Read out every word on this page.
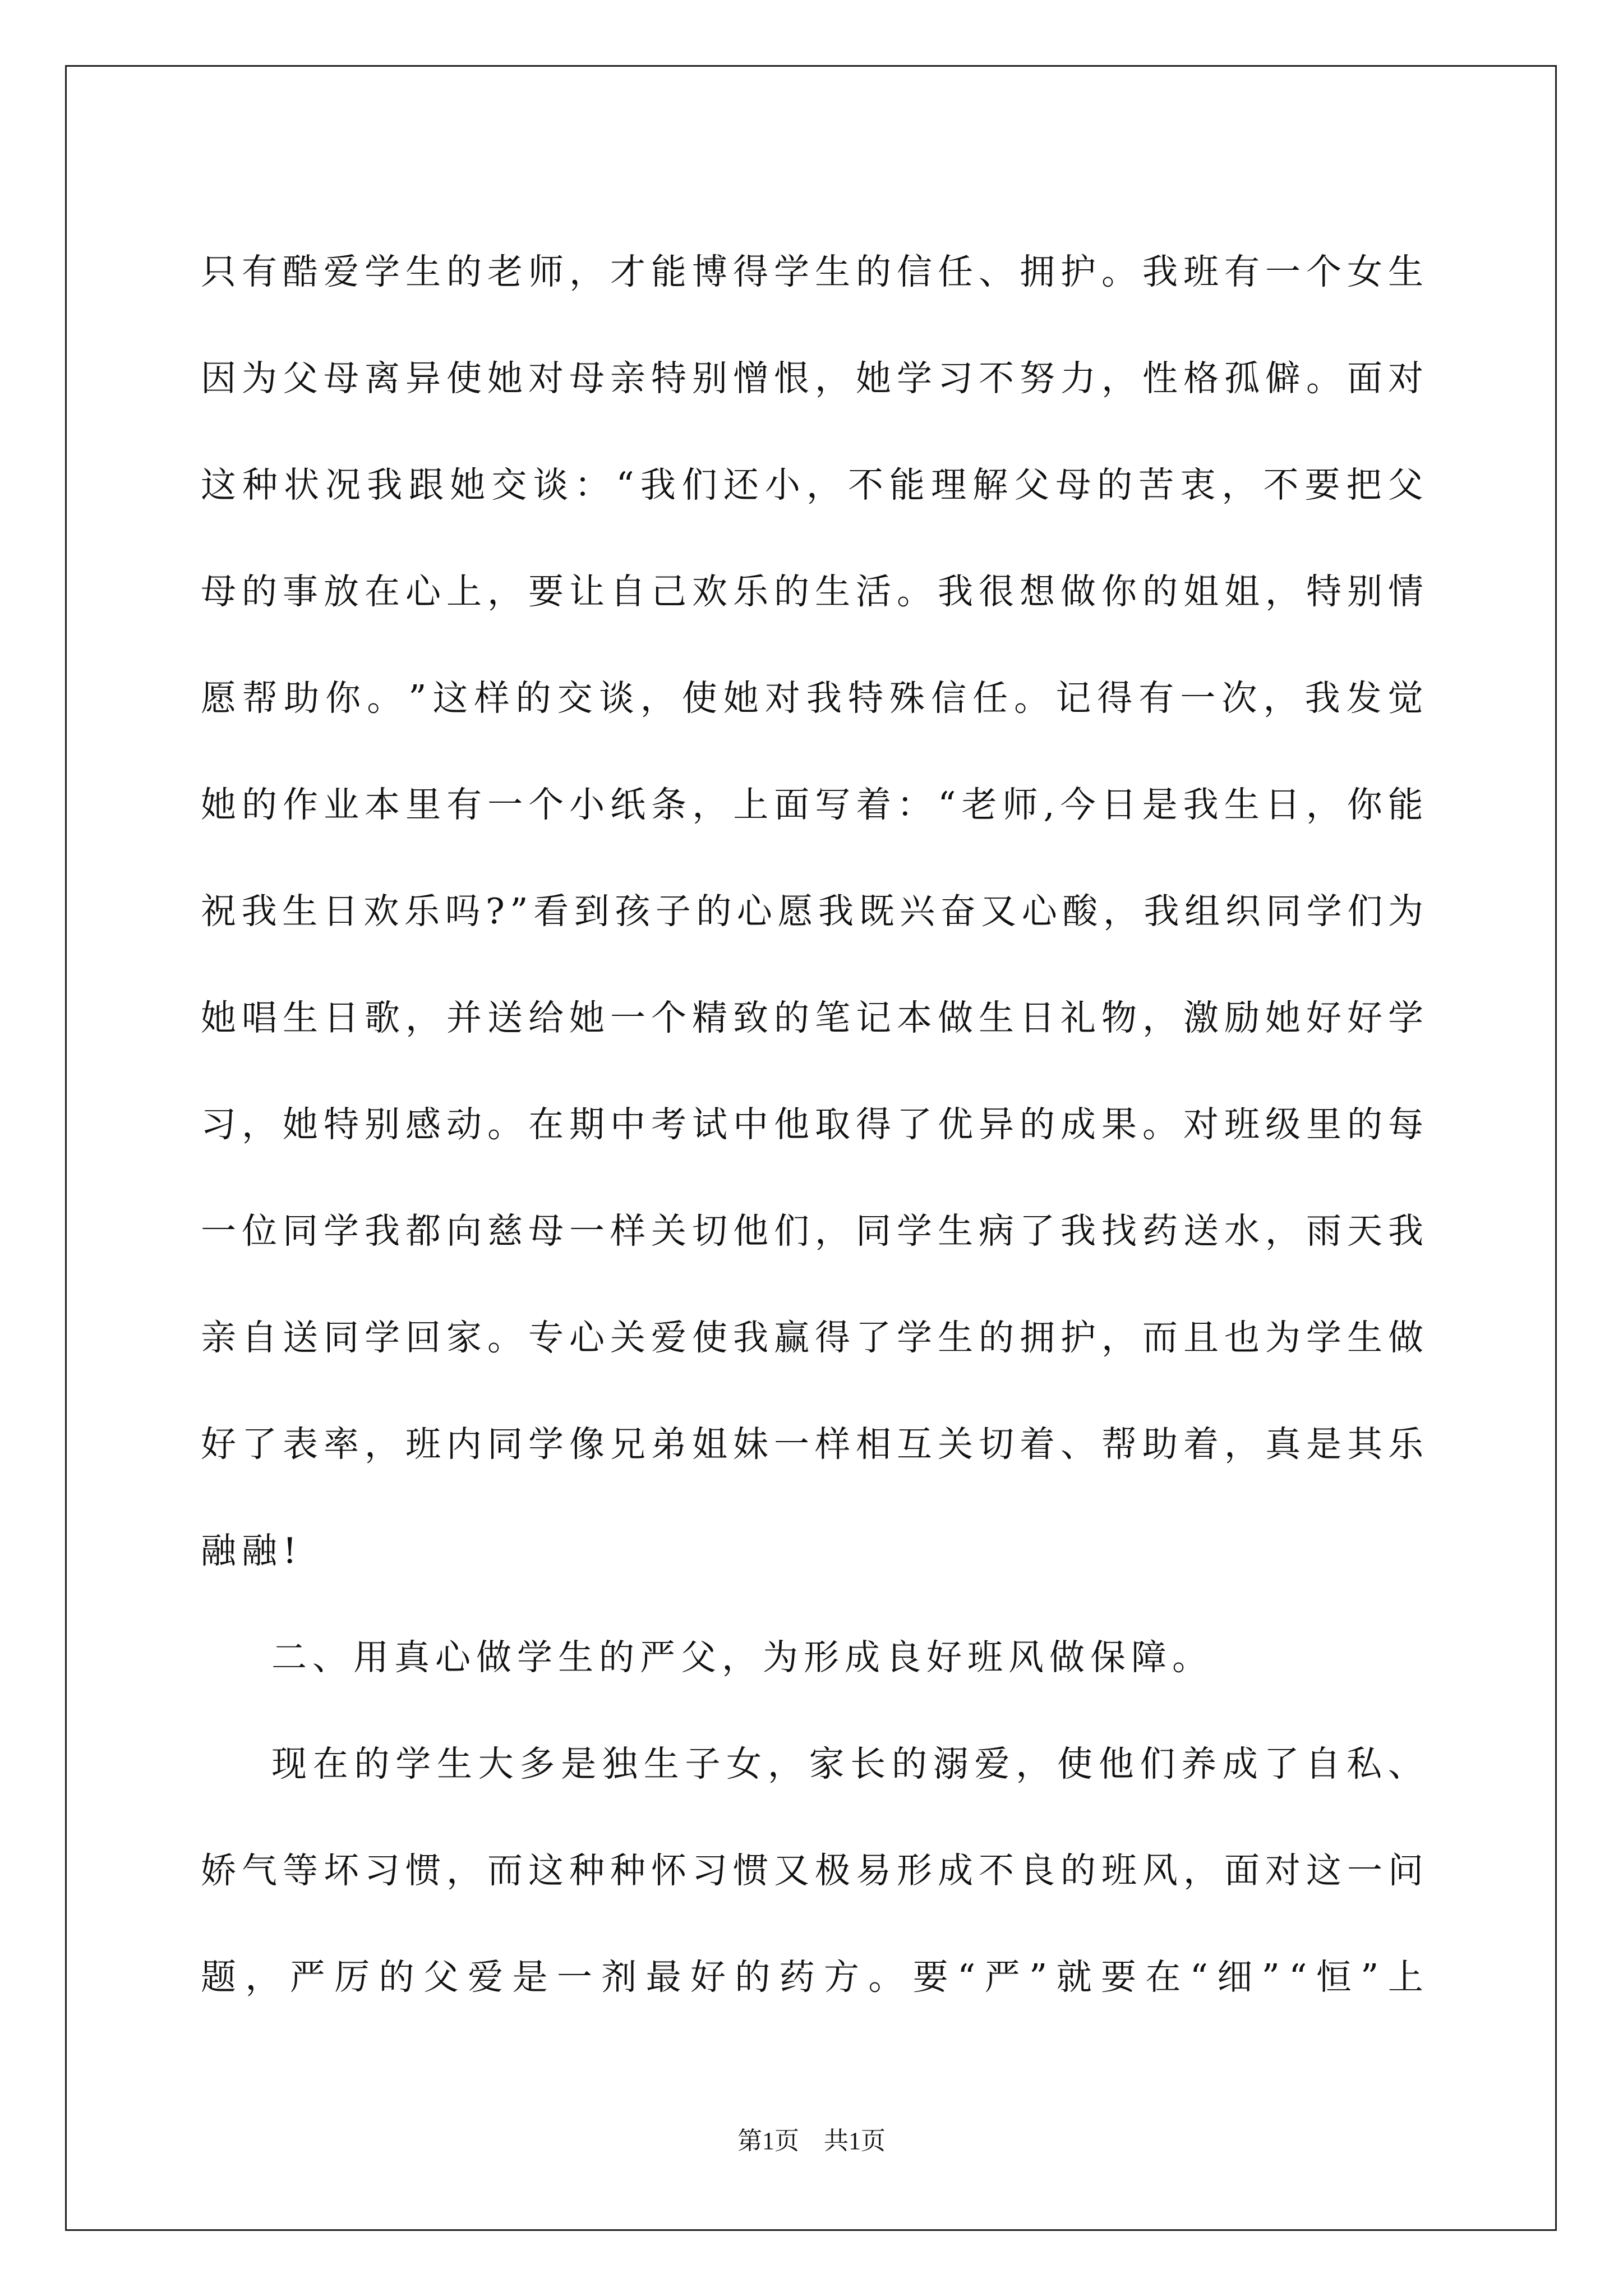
只 有 酷 爱 学 生 的 老 师 ， 才 能 博 得 学 生 的 信 任 、 拥 护 。 我 班 有 一 个 女 生
因 为 父 母 离 异 使 她 对 母 亲 特 别 憎 恨 ， 她 学 习 不 努 力 ， 性 格 孤 僻 。 面 对
这 种 状 况 我 跟 她 交 谈 ： “ 我 们 还 小 ， 不 能 理 解 父 母 的 苦 衷 ， 不 要 把 父
母 的 事 放 在 心 上 ， 要 让 自 己 欢 乐 的 生 活 。 我 很 想 做 你 的 姐 姐 ， 特 别 情
愿 帮 助 你 。 ” 这 样 的 交 谈 ， 使 她 对 我 特 殊 信 任 。 记 得 有 一 次 ， 我 发 觉
她 的 作 业 本 里 有 一 个 小 纸 条 ， 上 面 写 着 ： “ 老 师 , 今 日 是 我 生 日 ， 你 能
祝 我 生 日 欢 乐 吗 ? ” 看 到 孩 子 的 心 愿 我 既 兴 奋 又 心 酸 ， 我 组 织 同 学 们 为
她 唱 生 日 歌 ， 并 送 给 她 一 个 精 致 的 笔 记 本 做 生 日 礼 物 ， 激 励 她 好 好 学
习 ， 她 特 别 感 动 。 在 期 中 考 试 中 他 取 得 了 优 异 的 成 果 。 对 班 级 里 的 每
一 位 同 学 我 都 向 慈 母 一 样 关 切 他 们 ， 同 学 生 病 了 我 找 药 送 水 ， 雨 天 我
亲 自 送 同 学 回 家 。 专 心 关 爱 使 我 赢 得 了 学 生 的 拥 护 ， 而 且 也 为 学 生 做
好 了 表 率 ， 班 内 同 学 像 兄 弟 姐 妹 一 样 相 互 关 切 着 、 帮 助 着 ， 真 是 其 乐
融 融 !
二 、 用 真 心 做 学 生 的 严 父 ， 为 形 成 良 好 班 风 做 保 障 。
现 在 的 学 生 大 多 是 独 生 子 女 ， 家 长 的 溺 爱 ， 使 他 们 养 成 了 自 私 、
娇 气 等 坏 习 惯 ， 而 这 种 种 怀 习 惯 又 极 易 形 成 不 良 的 班 风 ， 面 对 这 一 问
题 ， 严 厉 的 父 爱 是 一 剂 最 好 的 药 方 。 要 “ 严 ” 就 要 在 “ 细 ” “ 恒 ” 上
第1页　共1页
